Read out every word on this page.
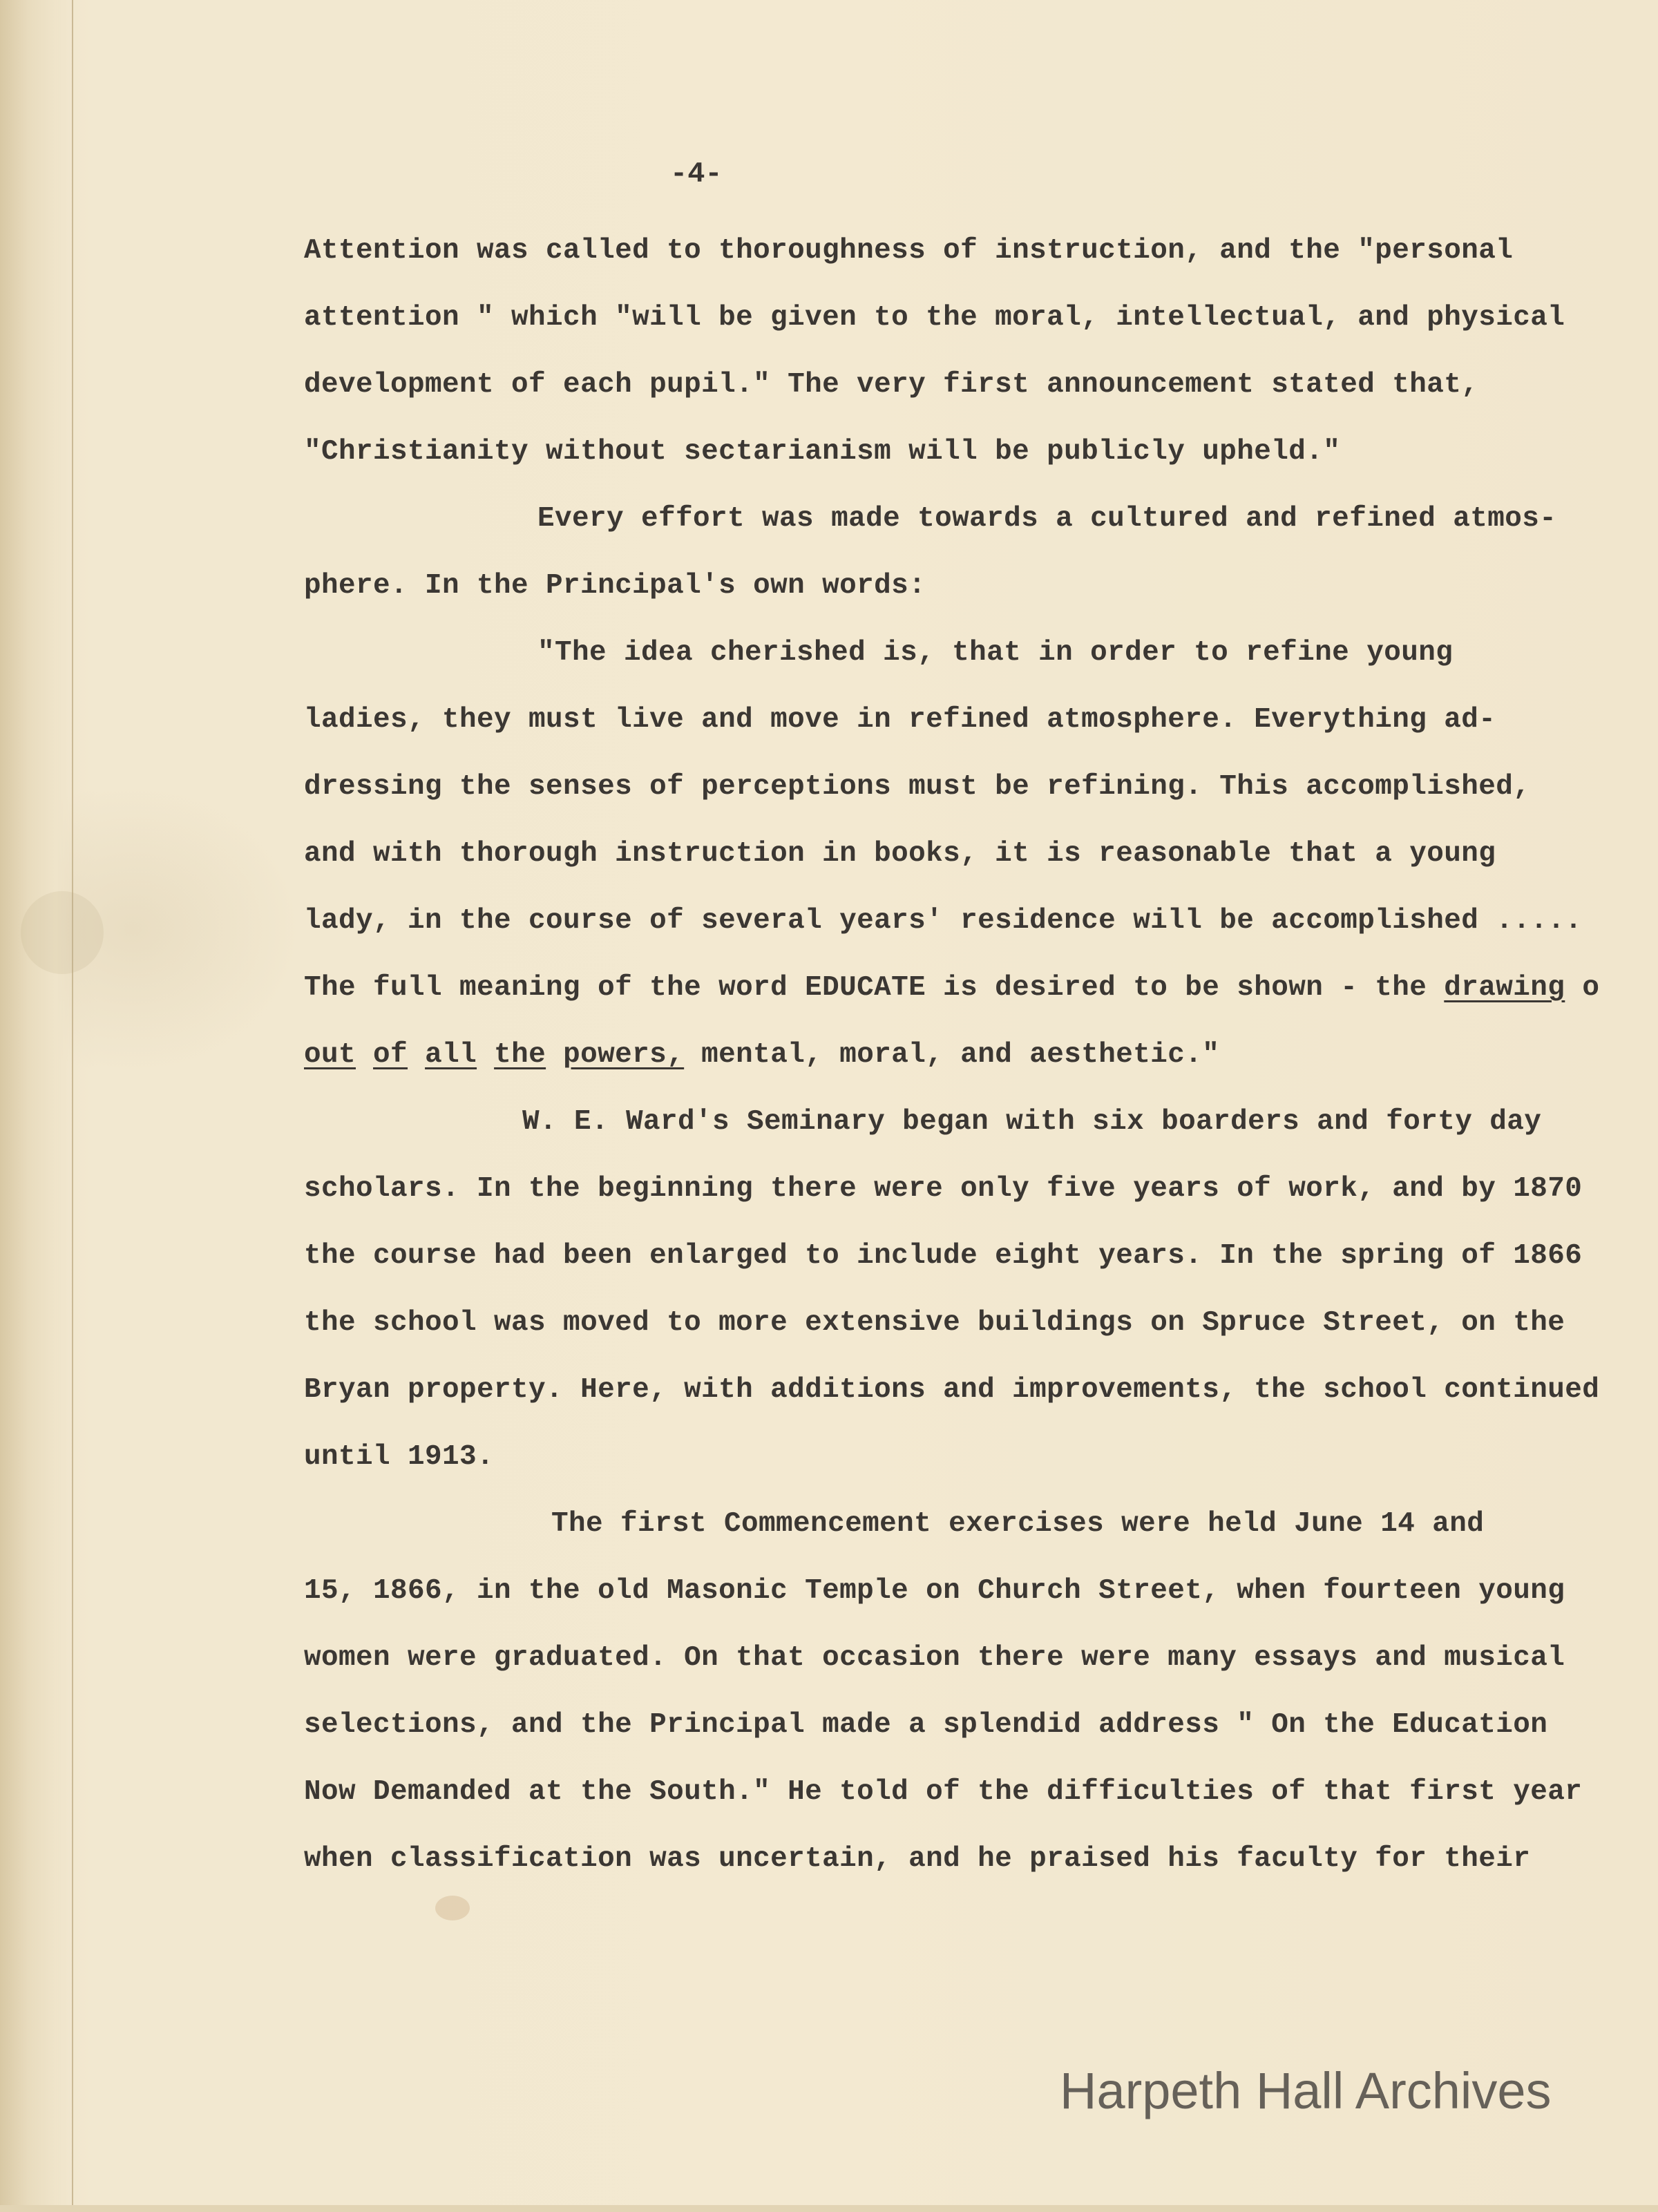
-4-
Attention was called to thoroughness of instruction, and the "personal
attention " which "will be given to the moral, intellectual, and physical
development of each pupil." The very first announcement stated that,
"Christianity without sectarianism will be publicly upheld."
Every effort was made towards a cultured and refined atmos-
phere. In the Principal's own words:
"The idea cherished is, that in order to refine young
ladies, they must live and move in refined atmosphere. Everything ad-
dressing the senses of perceptions must be refining. This accomplished,
and with thorough instruction in books, it is reasonable that a young
lady, in the course of several years' residence will be accomplished .....
The full meaning of the word EDUCATE is desired to be shown - the drawing o
out of all the powers, mental, moral, and aesthetic."
W. E. Ward's Seminary began with six boarders and forty day
scholars. In the beginning there were only five years of work, and by 1870
the course had been enlarged to include eight years. In the spring of 1866
the school was moved to more extensive buildings on Spruce Street, on the
Bryan property. Here, with additions and improvements, the school continued
until 1913.
The first Commencement exercises were held June 14 and
15, 1866, in the old Masonic Temple on Church Street, when fourteen young
women were graduated. On that occasion there were many essays and musical
selections, and the Principal made a splendid address " On the Education
Now Demanded at the South." He told of the difficulties of that first year
when classification was uncertain, and he praised his faculty for their
Harpeth Hall Archives
